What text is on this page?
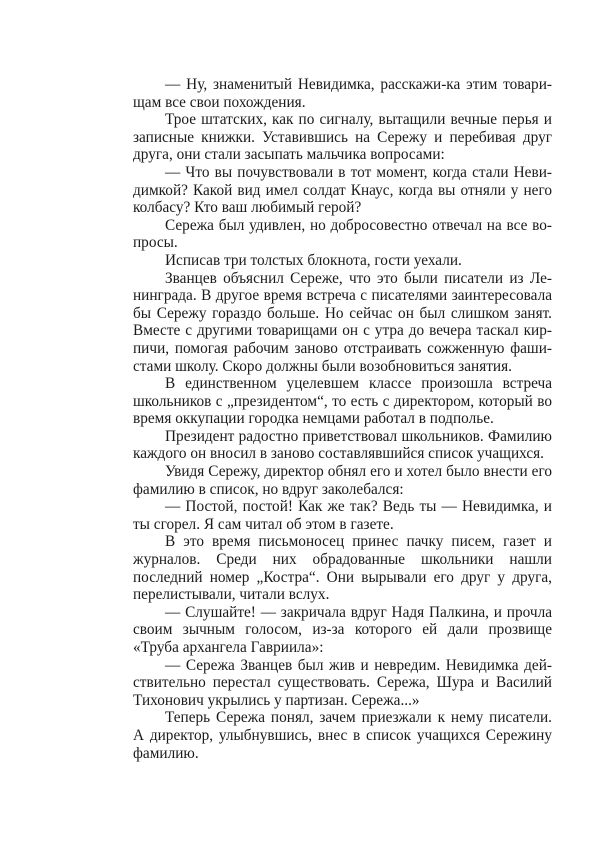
— Ну, знаменитый Невидимка, расскажи-ка этим товарищам все свои похождения.

Трое штатских, как по сигналу, вытащили вечные перья и записные книжки. Уставившись на Сережу и перебивая друг друга, они стали засыпать мальчика вопросами:

— Что вы почувствовали в тот момент, когда стали Невидимкой? Какой вид имел солдат Кнаус, когда вы отняли у него колбасу? Кто ваш любимый герой?

Сережа был удивлен, но добросовестно отвечал на все вопросы.

Исписав три толстых блокнота, гости уехали.

Званцев объяснил Сереже, что это были писатели из Ленинграда. В другое время встреча с писателями заинтересовала бы Сережу гораздо больше. Но сейчас он был слишком занят. Вместе с другими товарищами он с утра до вечера таскал кирпичи, помогая рабочим заново отстраивать сожженную фашистами школу. Скоро должны были возобновиться занятия.

В единственном уцелевшем классе произошла встреча школьников с „президентом“, то есть с директором, который во время оккупации городка немцами работал в подполье.

Президент радостно приветствовал школьников. Фамилию каждого он вносил в заново составлявшийся список учащихся.

Увидя Сережу, директор обнял его и хотел было внести его фамилию в список, но вдруг заколебался:

— Постой, постой! Как же так? Ведь ты — Невидимка, и ты сгорел. Я сам читал об этом в газете.

В это время письмоносец принес пачку писем, газет и журналов. Среди них обрадованные школьники нашли последний номер „Костра“. Они вырывали его друг у друга, перелистывали, читали вслух.

— Слушайте! — закричала вдруг Надя Палкина, и прочла своим зычным голосом, из-за которого ей дали прозвище «Труба архангела Гавриила»:

— Сережа Званцев был жив и невредим. Невидимка действительно перестал существовать. Сережа, Шура и Василий Тихонович укрылись у партизан. Сережа...»

Теперь Сережа понял, зачем приезжали к нему писатели. А директор, улыбнувшись, внес в список учащихся Сережину фамилию.
